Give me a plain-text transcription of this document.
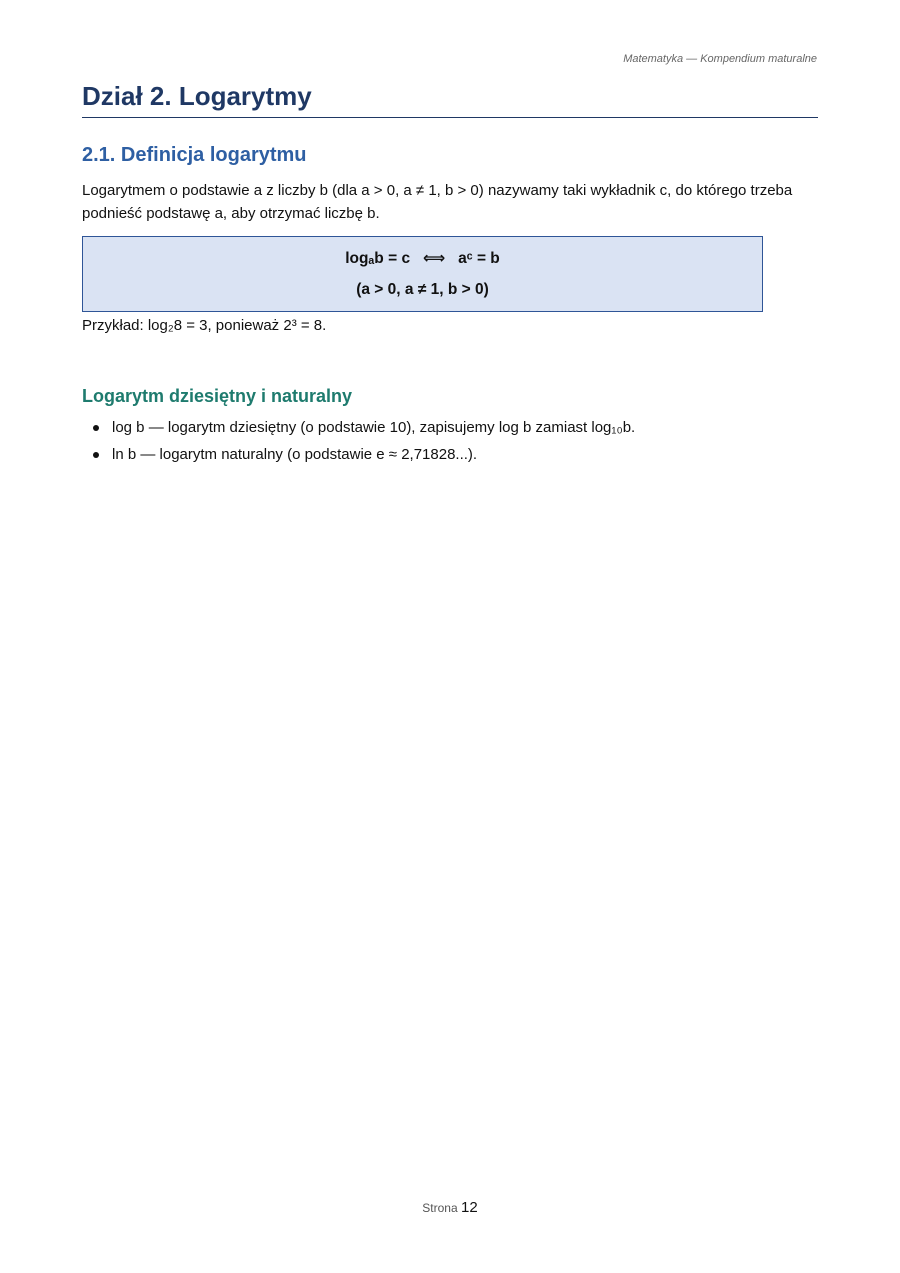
Matematyka — Kompendium maturalne
Dział 2. Logarytmy
2.1. Definicja logarytmu
Logarytmem o podstawie a z liczby b (dla a > 0, a ≠ 1, b > 0) nazywamy taki wykładnik c, do którego trzeba
podnieść podstawę a, aby otrzymać liczbę b.
logₐb = c   ⟺   aᶜ = b
(a > 0, a ≠ 1, b > 0)
Przykład: log₂8 = 3, ponieważ 2³ = 8.
Logarytm dziesiętny i naturalny
log b — logarytm dziesiętny (o podstawie 10), zapisujemy log b zamiast log₁₀b.
ln b — logarytm naturalny (o podstawie e ≈ 2,71828...).
Strona 12
